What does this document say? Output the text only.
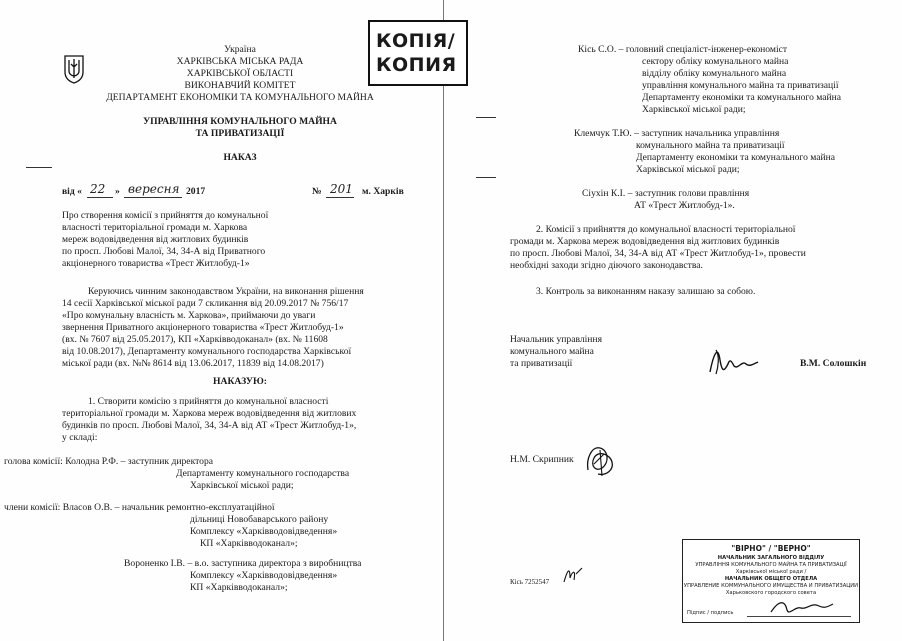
Україна
ХАРКІВСЬКА МІСЬКА РАДА
ХАРКІВСЬКОЇ ОБЛАСТІ
ВИКОНАВЧИЙ КОМІТЕТ
ДЕПАРТАМЕНТ ЕКОНОМІКИ ТА КОМУНАЛЬНОГО МАЙНА
УПРАВЛІННЯ КОМУНАЛЬНОГО МАЙНА
ТА ПРИВАТИЗАЦІЇ
НАКАЗ
від « 22 » вересня 2017	№ 201 м. Харків
Про створення комісії з прийняття до комунальної
власності територіальної громади м. Харкова
мереж водовідведення від житлових будинків
по просп. Любові Малої, 34, 34-А від Приватного
акціонерного товариства «Трест Житлобуд-1»
Керуючись чинним законодавством України, на виконання рішення
14 сесії Харківської міської ради 7 скликання від 20.09.2017 № 756/17
«Про комунальну власність м. Харкова», приймаючи до уваги
звернення Приватного акціонерного товариства «Трест Житлобуд-1»
(вх. № 7607 від 25.05.2017), КП «Харківводоканал» (вх. № 11608
від 10.08.2017), Департаменту комунального господарства Харківської
міської ради (вх. №№ 8614 від 13.06.2017, 11839 від 14.08.2017)
НАКАЗУЮ:
1. Створити комісію з прийняття до комунальної власності
територіальної громади м. Харкова мереж водовідведення від житлових
будинків по просп. Любові Малої, 34, 34-А від АТ «Трест Житлобуд-1»,
у складі:
голова комісії: Колодна Р.Ф. – заступник директора
Департаменту комунального господарства
Харківської міської ради;
члени комісії: Власов О.В. – начальник ремонтно-експлуатаційної
дільниці Новобаварського району
Комплексу «Харківводовідведення»
КП «Харківводоканал»;
Вороненко І.В. – в.о. заступника директора з виробництва
Комплексу «Харківводовідведення»
КП «Харківводоканал»;
КОПІЯ/
КОПИЯ
Кісь С.О. – головний спеціаліст-інженер-економіст
сектору обліку комунального майна
відділу обліку комунального майна
управління комунального майна та приватизації
Департаменту економіки та комунального майна
Харківської міської ради;
Клемчук Т.Ю. – заступник начальника управління
комунального майна та приватизації
Департаменту економіки та комунального майна
Харківської міської ради;
Сіухін К.І. – заступник голови правління
АТ «Трест Житлобуд-1».
2. Комісії з прийняття до комунальної власності територіальної
громади м. Харкова мереж водовідведення від житлових будинків
по просп. Любові Малої, 34, 34-А від АТ «Трест Житлобуд-1», провести
необхідні заходи згідно діючого законодавства.
3. Контроль за виконанням наказу залишаю за собою.
Начальник управління
комунального майна
та приватизації	В.М. Солошкін
Н.М. Скрипник
Кісь 7252547
"ВІРНО" / "ВЕРНО"
НАЧАЛЬНИК ЗАГАЛЬНОГО ВІДДІЛУ
УПРАВЛІННЯ КОМУНАЛЬНОГО МАЙНА ТА ПРИВАТИЗАЦІЇ
Харківської міської ради /
НАЧАЛЬНИК ОБЩЕГО ОТДЕЛА
УПРАВЛЕНИЕ КОММУНАЛЬНОГО ИМУЩЕСТВА И ПРИВАТИЗАЦИИ
Харьковского городского совета
Підпис / подпись
